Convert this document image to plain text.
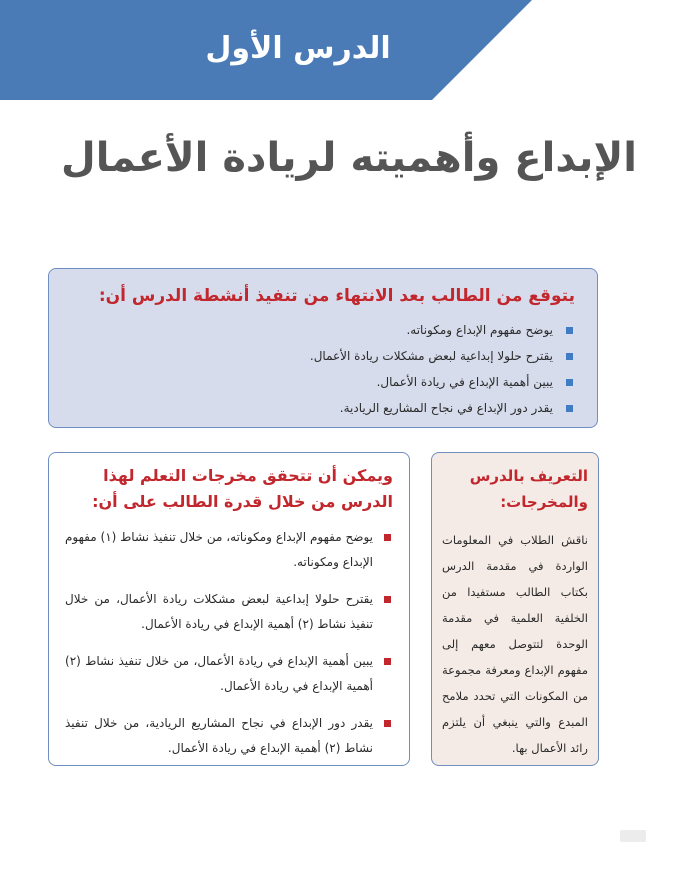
الدرس الأول
الإبداع وأهميته لريادة الأعمال
يتوقع من الطالب بعد الانتهاء من تنفيذ أنشطة الدرس أن:
يوضح مفهوم الإبداع ومكوناته.
يقترح حلولا إبداعية لبعض مشكلات ريادة الأعمال.
يبين أهمية الإبداع في ريادة الأعمال.
يقدر دور الإبداع في نجاح المشاريع الريادية.
التعريف بالدرس والمخرجات:

ناقش الطلاب في المعلومات الواردة في مقدمة الدرس بكتاب الطالب مستفيدا من الخلفية العلمية في مقدمة الوحدة لتتوصل معهم إلى مفهوم الإبداع ومعرفة مجموعة من المكونات التي تحدد ملامح المبدع والتي ينبغي أن يلتزم رائد الأعمال بها.

ويمكن أن تتحقق مخرجات التعلم لهذا الدرس من خلال قدرة الطالب على أن:
يوضح مفهوم الإبداع ومكوناته، من خلال تنفيذ نشاط (١) مفهوم الإبداع ومكوناته.
يقترح حلولا إبداعية لبعض مشكلات ريادة الأعمال، من خلال تنفيذ نشاط (٢) أهمية الإبداع في ريادة الأعمال.
يبين أهمية الإبداع في ريادة الأعمال، من خلال تنفيذ نشاط (٢) أهمية الإبداع في ريادة الأعمال.
يقدر دور الإبداع في نجاح المشاريع الريادية، من خلال تنفيذ نشاط (٢) أهمية الإبداع في ريادة الأعمال.
